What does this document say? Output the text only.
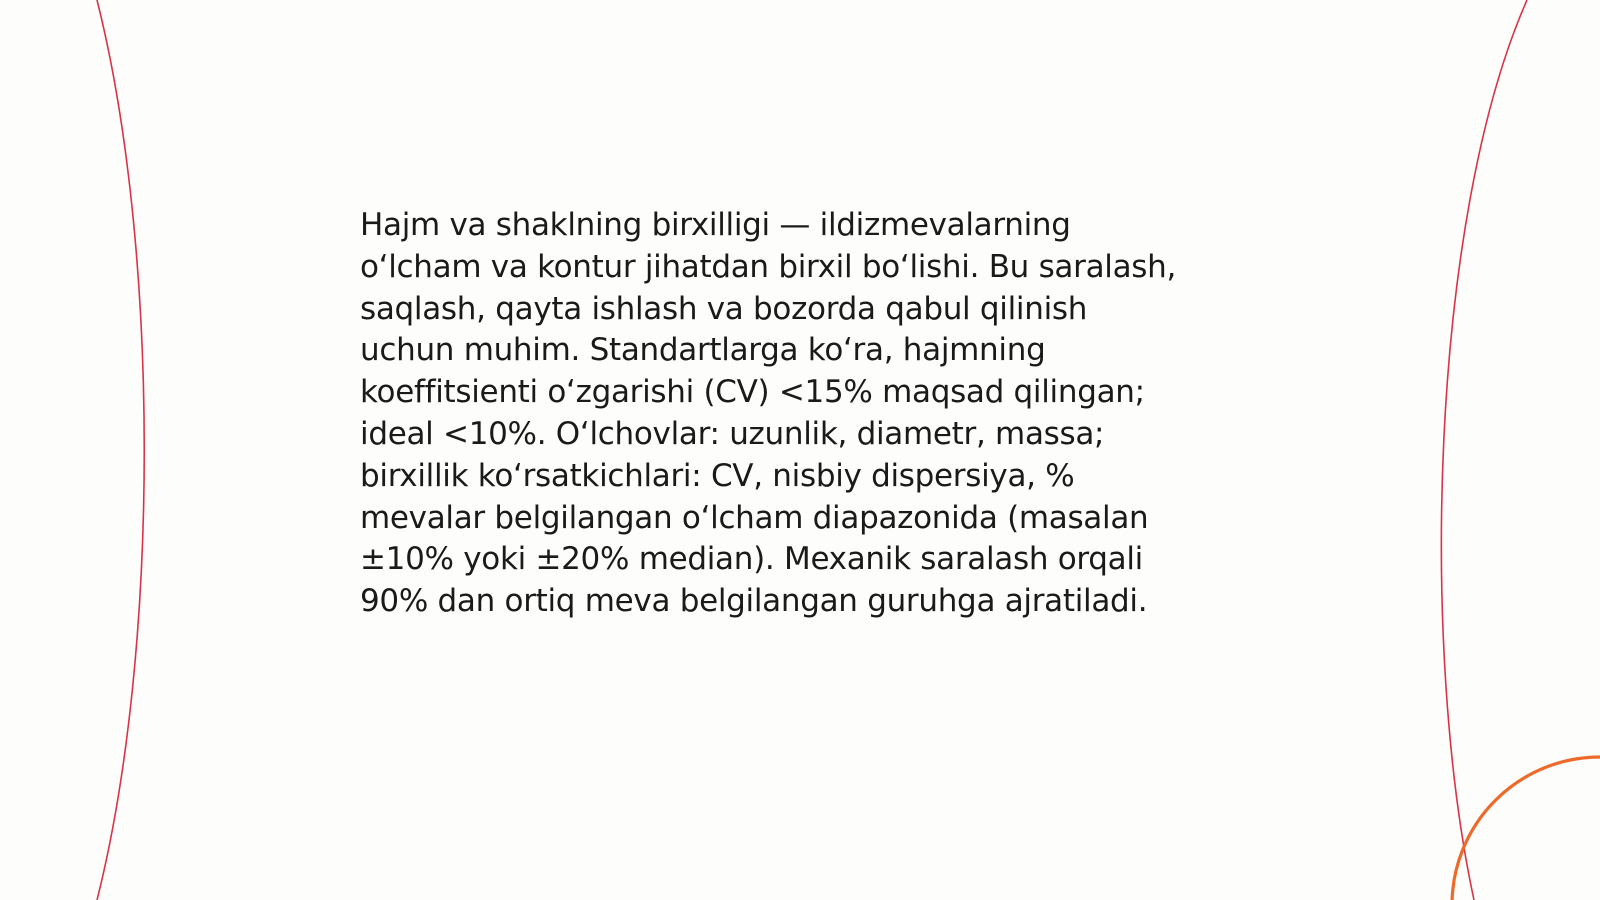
Hajm va shaklning birxilligi — ildizmevalarning
o‘lcham va kontur jihatdan birxil bo‘lishi. Bu saralash,
saqlash, qayta ishlash va bozorda qabul qilinish
uchun muhim. Standartlarga ko‘ra, hajmning
koeffitsienti o‘zgarishi (CV) <15% maqsad qilingan;
ideal <10%. O‘lchovlar: uzunlik, diametr, massa;
birxillik ko‘rsatkichlari: CV, nisbiy dispersiya, %
mevalar belgilangan o‘lcham diapazonida (masalan
±10% yoki ±20% median). Mexanik saralash orqali
90% dan ortiq meva belgilangan guruhga ajratiladi.
